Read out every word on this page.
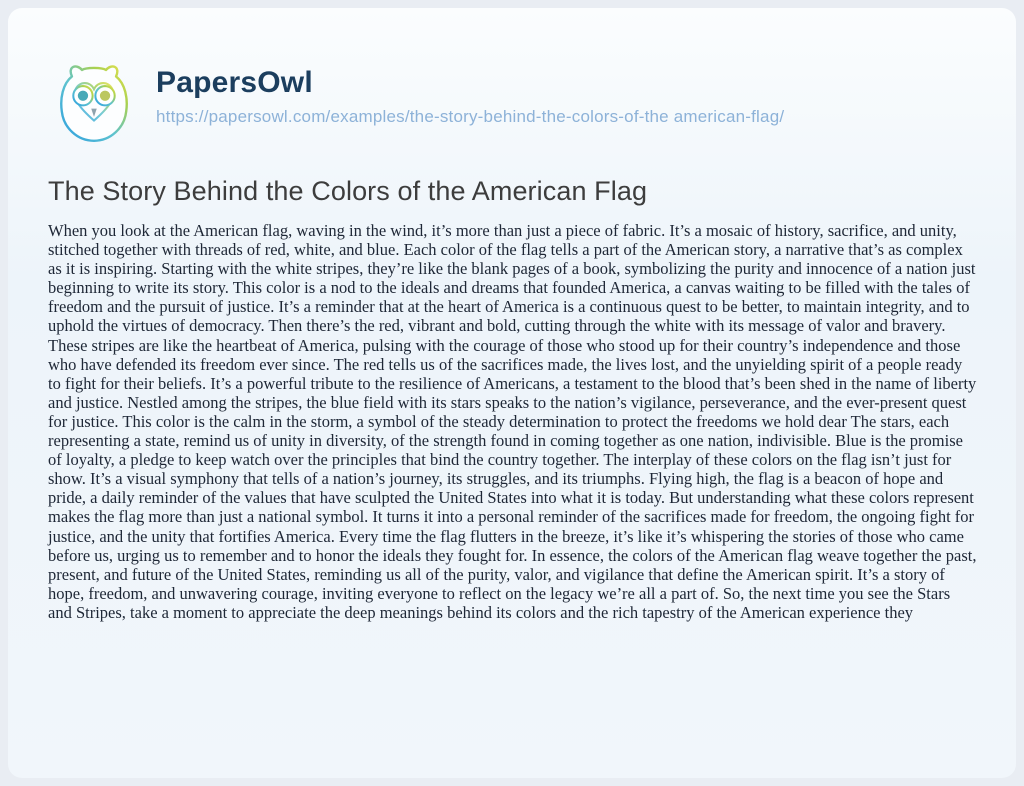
PapersOwl
https://papersowl.com/examples/the-story-behind-the-colors-of-the american-flag/
The Story Behind the Colors of the American Flag

When you look at the American flag, waving in the wind, it’s more than just a piece of fabric. It’s a mosaic of history, sacrifice, and unity, stitched together with threads of red, white, and blue. Each color of the flag tells a part of the American story, a narrative that’s as complex as it is inspiring. Starting with the white stripes, they’re like the blank pages of a book, symbolizing the purity and innocence of a nation just beginning to write its story. This color is a nod to the ideals and dreams that founded America, a canvas waiting to be filled with the tales of freedom and the pursuit of justice. It’s a reminder that at the heart of America is a continuous quest to be better, to maintain integrity, and to uphold the virtues of democracy. Then there’s the red, vibrant and bold, cutting through the white with its message of valor and bravery. These stripes are like the heartbeat of America, pulsing with the courage of those who stood up for their country’s independence and those who have defended its freedom ever since. The red tells us of the sacrifices made, the lives lost, and the unyielding spirit of a people ready to fight for their beliefs. It’s a powerful tribute to the resilience of Americans, a testament to the blood that’s been shed in the name of liberty and justice. Nestled among the stripes, the blue field with its stars speaks to the nation’s vigilance, perseverance, and the ever-present quest for justice. This color is the calm in the storm, a symbol of the steady determination to protect the freedoms we hold dear The stars, each representing a state, remind us of unity in diversity, of the strength found in coming together as one nation, indivisible. Blue is the promise of loyalty, a pledge to keep watch over the principles that bind the country together. The interplay of these colors on the flag isn’t just for show. It’s a visual symphony that tells of a nation’s journey, its struggles, and its triumphs. Flying high, the flag is a beacon of hope and pride, a daily reminder of the values that have sculpted the United States into what it is today. But understanding what these colors represent makes the flag more than just a national symbol. It turns it into a personal reminder of the sacrifices made for freedom, the ongoing fight for justice, and the unity that fortifies America. Every time the flag flutters in the breeze, it’s like it’s whispering the stories of those who came before us, urging us to remember and to honor the ideals they fought for. In essence, the colors of the American flag weave together the past, present, and future of the United States, reminding us all of the purity, valor, and vigilance that define the American spirit. It’s a story of hope, freedom, and unwavering courage, inviting everyone to reflect on the legacy we’re all a part of. So, the next time you see the Stars and Stripes, take a moment to appreciate the deep meanings behind its colors and the rich tapestry of the American experience they
